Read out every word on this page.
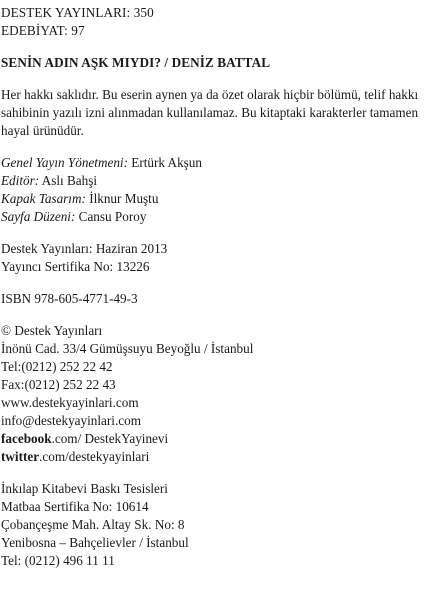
DESTEK YAYINLARI: 350
EDEBİYAT: 97
SENİN ADIN AŞK MIYDI? / DENİZ BATTAL
Her hakkı saklıdır. Bu eserin aynen ya da özet olarak hiçbir bölümü, telif hakkı sahibinin yazılı izni alınmadan kullanılamaz. Bu kitaptaki karakterler tamamen hayal ürünüdür.
Genel Yayın Yönetmeni: Ertürk Akşun
Editör: Aslı Bahşi
Kapak Tasarım: İlknur Muştu
Sayfa Düzeni: Cansu Poroy
Destek Yayınları: Haziran 2013
Yayıncı Sertifika No: 13226
ISBN 978-605-4771-49-3
© Destek Yayınları
İnönü Cad. 33/4 Gümüşsuyu Beyoğlu / İstanbul
Tel:(0212) 252 22 42
Fax:(0212) 252 22 43
www.destekyayinlari.com
info@destekyayinlari.com
facebook.com/ DestekYayinevi
twitter.com/destekyayinlari
İnkılap Kitabevi Baskı Tesisleri
Matbaa Sertifika No: 10614
Çobançeşme Mah. Altay Sk. No: 8
Yenibosna – Bahçelievler / İstanbul
Tel: (0212) 496 11 11
